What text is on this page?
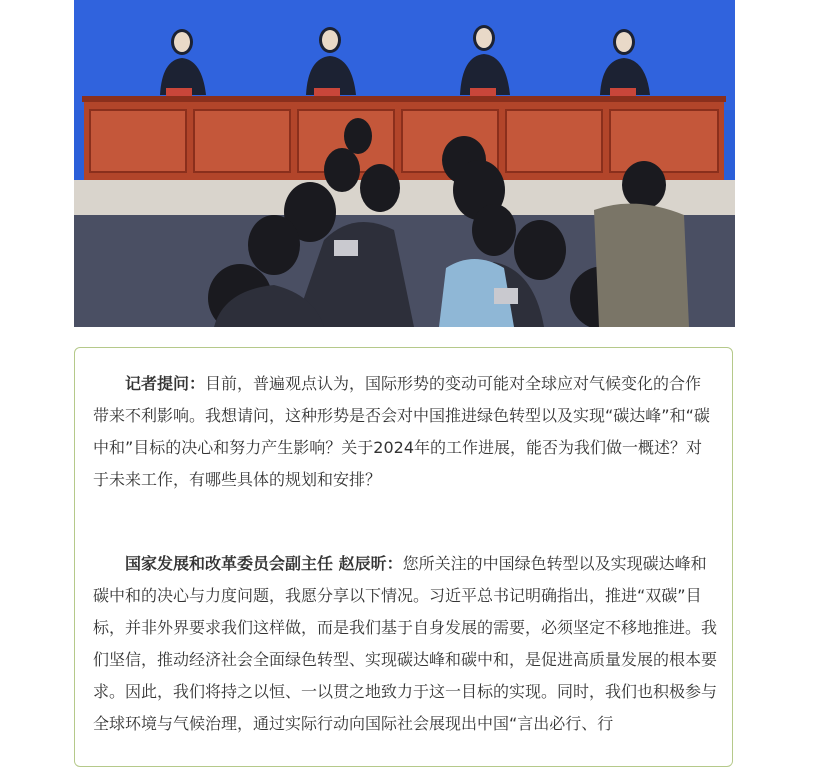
记者提问：目前，普遍观点认为，国际形势的变动可能对全球应对气候变化的合作带来不利影响。我想请问，这种形势是否会对中国推进绿色转型以及实现“碳达峰”和“碳中和”目标的决心和努力产生影响？关于2024年的工作进展，能否为我们做一概述？对于未来工作，有哪些具体的规划和安排？

国家发展和改革委员会副主任 赵辰昕：您所关注的中国绿色转型以及实现碳达峰和碳中和的决心与力度问题，我愿分享以下情况。习近平总书记明确指出，推进“双碳”目标，并非外界要求我们这样做，而是我们基于自身发展的需要，必须坚定不移地推进。我们坚信，推动经济社会全面绿色转型、实现碳达峰和碳中和，是促进高质量发展的根本要求。因此，我们将持之以恒、一以贯之地致力于这一目标的实现。同时，我们也积极参与全球环境与气候治理，通过实际行动向国际社会展现出中国“言出必行、行
